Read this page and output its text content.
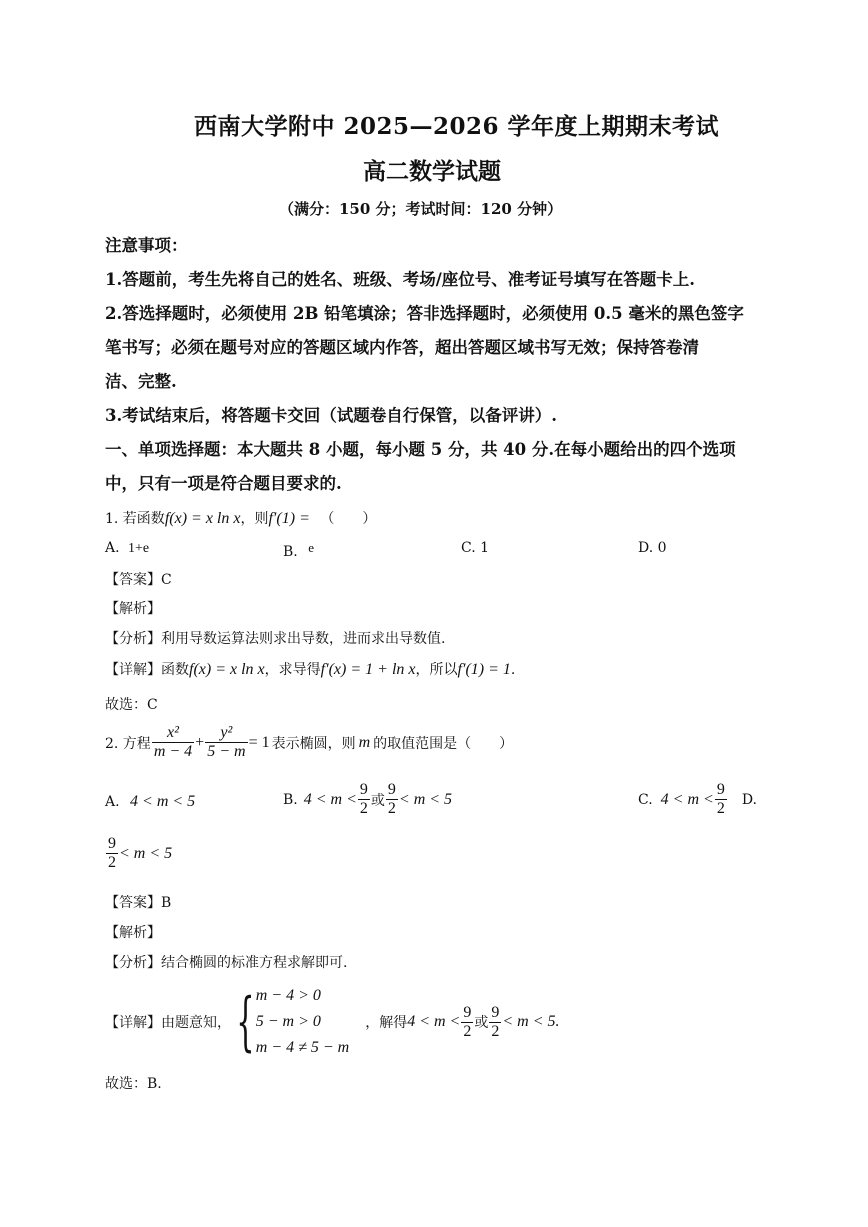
西南大学附中 2025—2026 学年度上期期末考试
高二数学试题
（满分：150 分；考试时间：120 分钟）
注意事项：
1.答题前，考生先将自己的姓名、班级、考场/座位号、准考证号填写在答题卡上.
2.答选择题时，必须使用 2B 铅笔填涂；答非选择题时，必须使用 0.5 毫米的黑色签字
笔书写；必须在题号对应的答题区域内作答，超出答题区域书写无效；保持答卷清
洁、完整.
3.考试结束后，将答题卡交回（试题卷自行保管，以备评讲）.
一、单项选择题：本大题共 8 小题，每小题 5 分，共 40 分.在每小题给出的四个选项
中，只有一项是符合题目要求的.
1. 若函数f(x) = x ln x，则f′(1) = （　　）
A. 1+e	B. e	C. 1	D. 0
【答案】C
【解析】
【分析】利用导数运算法则求出导数，进而求出导数值.
【详解】函数f(x) = x ln x，求导得f′(x) = 1 + ln x，所以f′(1) = 1.
故选：C
2. 方程 $\frac{\text{x²}}{m - 4} + \frac{\text{y²}}{5 - m} = 1$ 表示椭圆，则 m 的取值范围是（　　）
A. 4 < m < 5	B. $4 < m < \frac{9}{2}$ 或 $\frac{9}{2} < m < 5$	C. $4 < m < \frac{9}{2} D$.
$\frac{9}{2} < m < 5$
【答案】B
【解析】
【分析】结合椭圆的标准方程求解即可.
【详解】由题意知， { m − 4 > 0
5 − m > 0
m − 4 ≠ 5 − m
，解得 $4 < m < \frac{9}{2}$ 或 $\frac{9}{2} < m < 5$.
故选：B.
